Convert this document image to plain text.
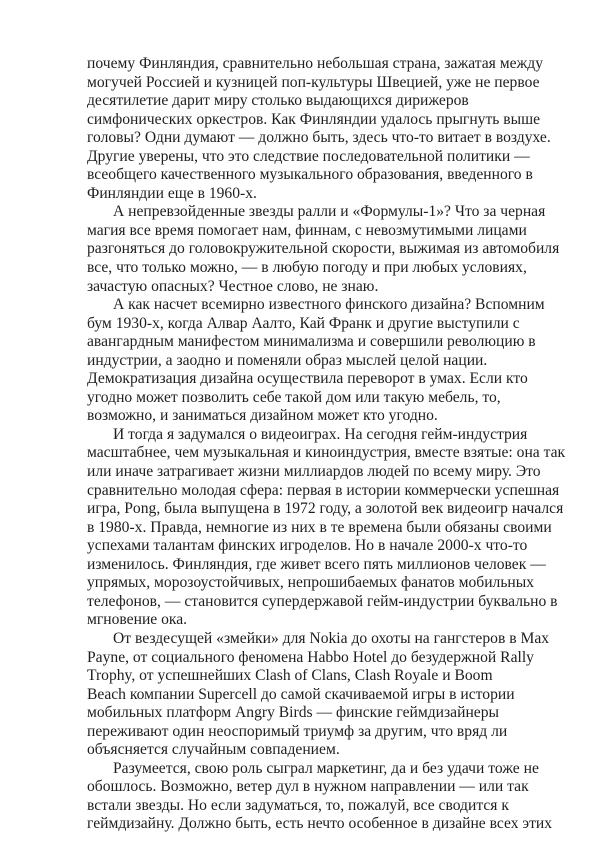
почему Финляндия, сравнительно небольшая страна, зажатая между
могучей Россией и кузницей поп-культуры Швецией, уже не первое
десятилетие дарит миру столько выдающихся дирижеров
симфонических оркестров. Как Финляндии удалось прыгнуть выше
головы? Одни думают — должно быть, здесь что-то витает в воздухе.
Другие уверены, что это следствие последовательной политики —
всеобщего качественного музыкального образования, введенного в
Финляндии еще в 1960-х.
А непревзойденные звезды ралли и «Формулы-1»? Что за черная
магия все время помогает нам, финнам, с невозмутимыми лицами
разгоняться до головокружительной скорости, выжимая из автомобиля
все, что только можно, — в любую погоду и при любых условиях,
зачастую опасных? Честное слово, не знаю.
А как насчет всемирно известного финского дизайна? Вспомним
бум 1930-х, когда Алвар Аалто, Кай Франк и другие выступили с
авангардным манифестом минимализма и совершили революцию в
индустрии, а заодно и поменяли образ мыслей целой нации.
Демократизация дизайна осуществила переворот в умах. Если кто
угодно может позволить себе такой дом или такую мебель, то,
возможно, и заниматься дизайном может кто угодно.
И тогда я задумался о видеоиграх. На сегодня гейм-индустрия
масштабнее, чем музыкальная и киноиндустрия, вместе взятые: она так
или иначе затрагивает жизни миллиардов людей по всему миру. Это
сравнительно молодая сфера: первая в истории коммерчески успешная
игра, Pong, была выпущена в 1972 году, а золотой век видеоигр начался
в 1980-х. Правда, немногие из них в те времена были обязаны своими
успехами талантам финских игроделов. Но в начале 2000-х что-то
изменилось. Финляндия, где живет всего пять миллионов человек —
упрямых, морозоустойчивых, непрошибаемых фанатов мобильных
телефонов, — становится супердержавой гейм-индустрии буквально в
мгновение ока.
От вездесущей «змейки» для Nokia до охоты на гангстеров в Max
Payne, от социального феномена Habbo Hotel до безудержной Rally
Trophy, от успешнейших Clash of Clans, Clash Royale и Boom
Beach компании Supercell до самой скачиваемой игры в истории
мобильных платформ Angry Birds — финские геймдизайнеры
переживают один неоспоримый триумф за другим, что вряд ли
объясняется случайным совпадением.
Разумеется, свою роль сыграл маркетинг, да и без удачи тоже не
обошлось. Возможно, ветер дул в нужном направлении — или так
встали звезды. Но если задуматься, то, пожалуй, все сводится к
геймдизайну. Должно быть, есть нечто особенное в дизайне всех этих
